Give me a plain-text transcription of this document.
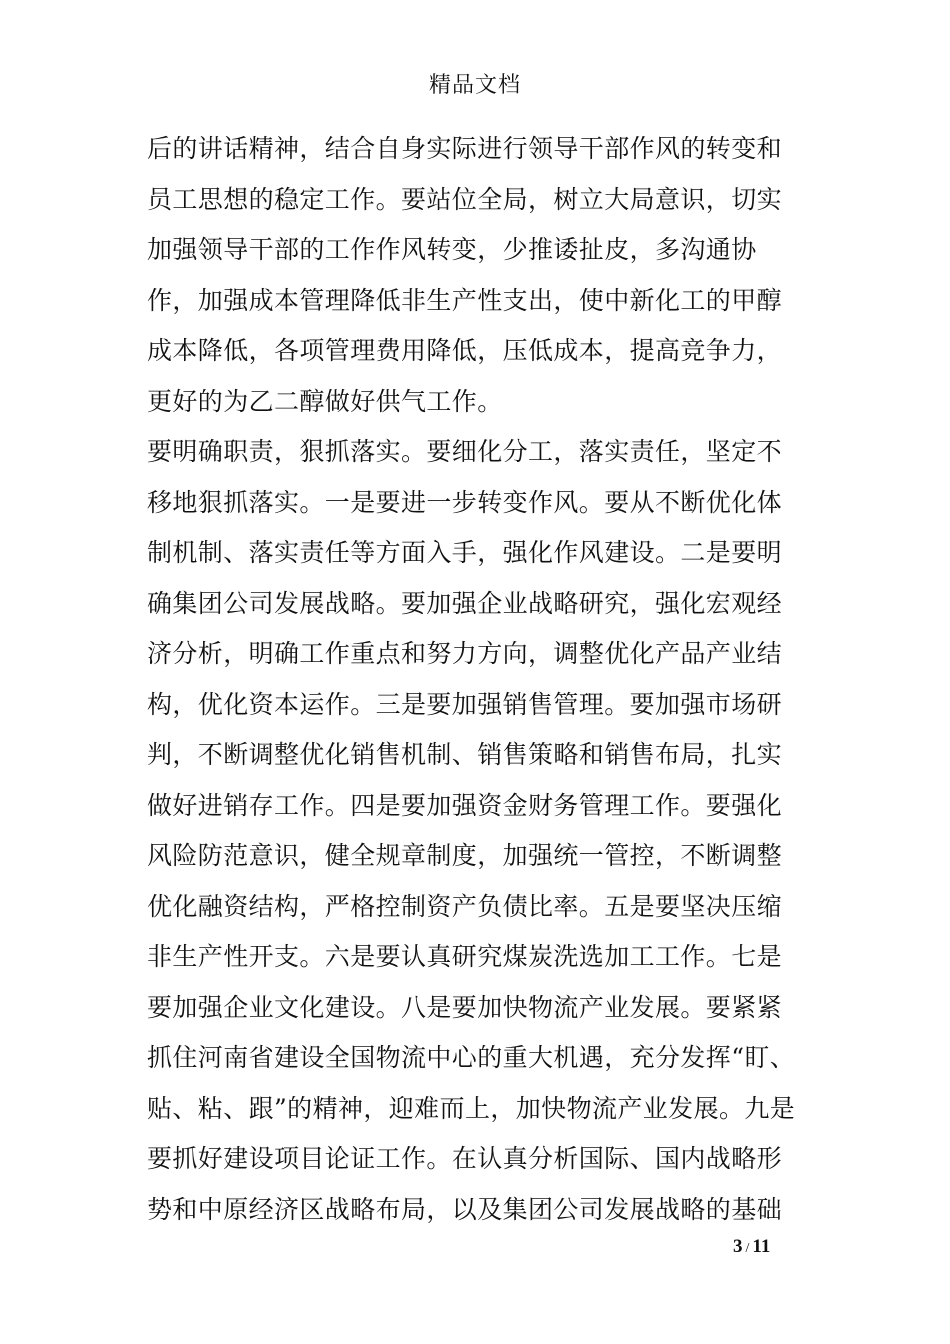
精品文档
后的讲话精神，结合自身实际进行领导干部作风的转变和
员工思想的稳定工作。要站位全局，树立大局意识，切实
加强领导干部的工作作风转变，少推诿扯皮，多沟通协
作，加强成本管理降低非生产性支出，使中新化工的甲醇
成本降低，各项管理费用降低，压低成本，提高竞争力，
更好的为乙二醇做好供气工作。
要明确职责，狠抓落实。要细化分工，落实责任，坚定不
移地狠抓落实。一是要进一步转变作风。要从不断优化体
制机制、落实责任等方面入手，强化作风建设。二是要明
确集团公司发展战略。要加强企业战略研究，强化宏观经
济分析，明确工作重点和努力方向，调整优化产品产业结
构，优化资本运作。三是要加强销售管理。要加强市场研
判，不断调整优化销售机制、销售策略和销售布局，扎实
做好进销存工作。四是要加强资金财务管理工作。要强化
风险防范意识，健全规章制度，加强统一管控，不断调整
优化融资结构，严格控制资产负债比率。五是要坚决压缩
非生产性开支。六是要认真研究煤炭洗选加工工作。七是
要加强企业文化建设。八是要加快物流产业发展。要紧紧
抓住河南省建设全国物流中心的重大机遇，充分发挥“盯、
贴、粘、跟”的精神，迎难而上，加快物流产业发展。九是
要抓好建设项目论证工作。在认真分析国际、国内战略形
势和中原经济区战略布局，以及集团公司发展战略的基础
3 / 11
